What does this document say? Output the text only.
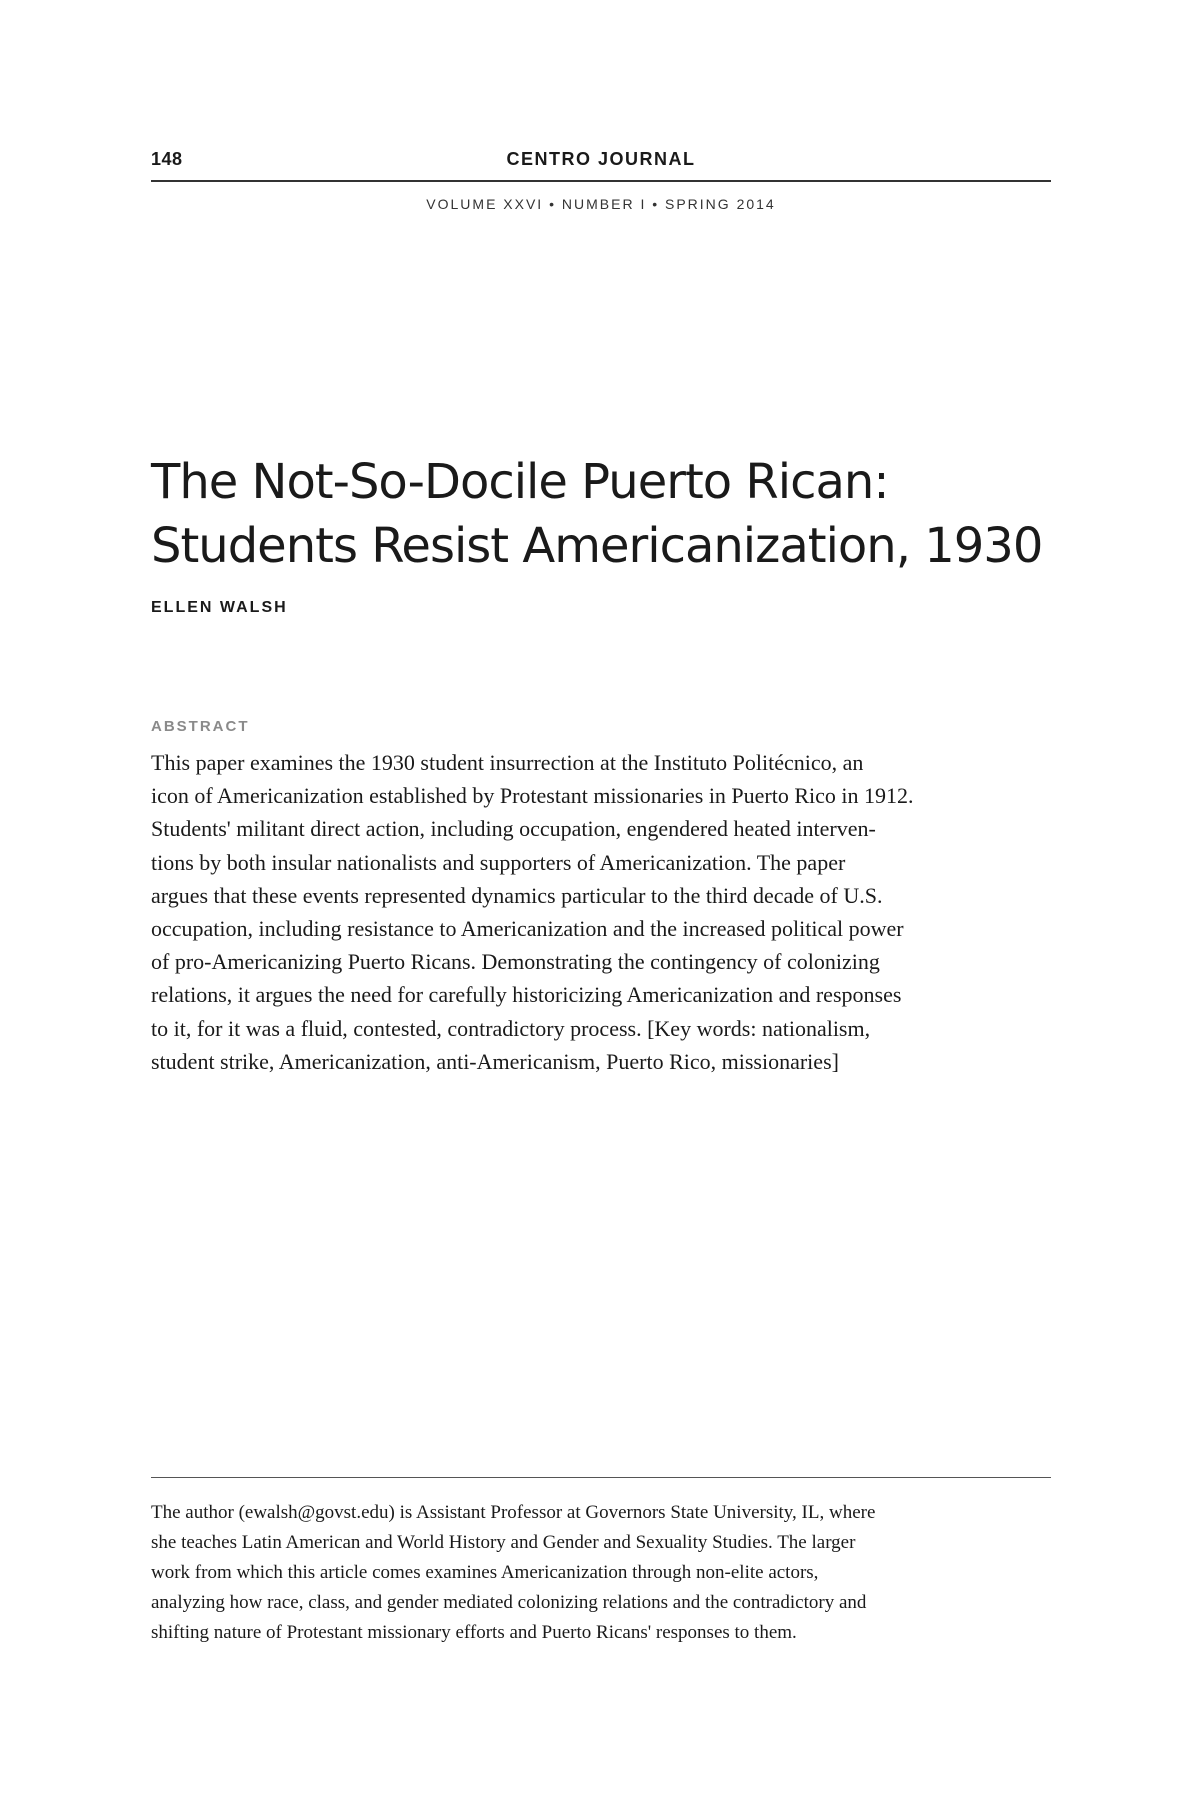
148	CENTRO JOURNAL
VOLUME XXVI • NUMBER I • SPRING 2014
The Not-So-Docile Puerto Rican:
Students Resist Americanization, 1930
ELLEN WALSH
ABSTRACT

This paper examines the 1930 student insurrection at the Instituto Politécnico, an
icon of Americanization established by Protestant missionaries in Puerto Rico in 1912.
Students' militant direct action, including occupation, engendered heated interven-
tions by both insular nationalists and supporters of Americanization. The paper
argues that these events represented dynamics particular to the third decade of U.S.
occupation, including resistance to Americanization and the increased political power
of pro-Americanizing Puerto Ricans. Demonstrating the contingency of colonizing
relations, it argues the need for carefully historicizing Americanization and responses
to it, for it was a fluid, contested, contradictory process. [Key words: nationalism,
student strike, Americanization, anti-Americanism, Puerto Rico, missionaries]

The author (ewalsh@govst.edu) is Assistant Professor at Governors State University, IL, where
she teaches Latin American and World History and Gender and Sexuality Studies. The larger
work from which this article comes examines Americanization through non-elite actors,
analyzing how race, class, and gender mediated colonizing relations and the contradictory and
shifting nature of Protestant missionary efforts and Puerto Ricans' responses to them.
